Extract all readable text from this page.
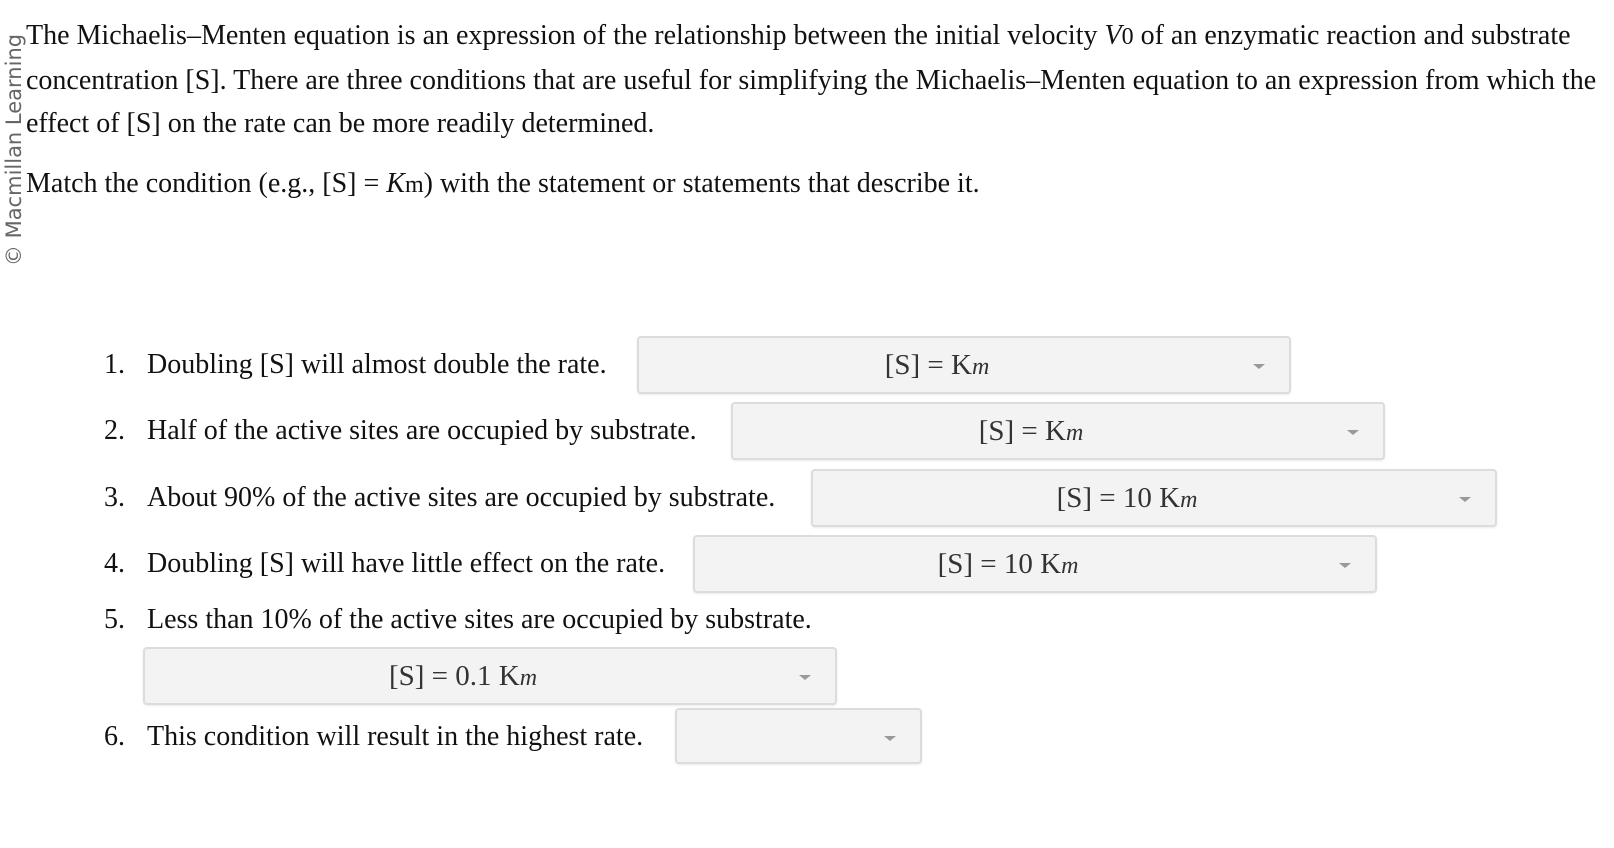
© Macmillan Learning The Michaelis–Menten equation is an expression of the relationship between the initial velocity V0 of an enzymatic reaction and substrate concentration [S]. There are three conditions that are useful for simplifying the Michaelis–Menten equation to an expression from which the effect of [S] on the rate can be more readily determined.

Match the condition (e.g., [S] = Km) with the statement or statements that describe it.

1. Doubling [S] will almost double the rate.	[S] = Km
2. Half of the active sites are occupied by substrate.	[S] = Km
3. About 90% of the active sites are occupied by substrate.	[S] = 10 Km
4. Doubling [S] will have little effect on the rate.	[S] = 10 Km
5. Less than 10% of the active sites are occupied by substrate.
[S] = 0.1 Km
6. This condition will result in the highest rate.
